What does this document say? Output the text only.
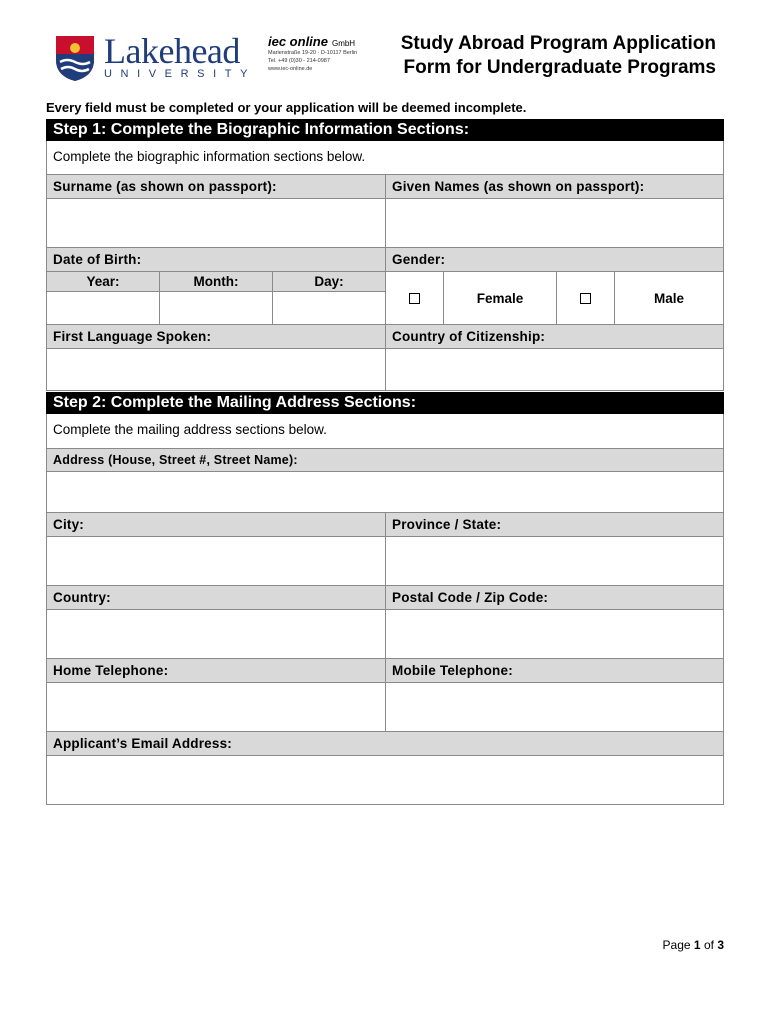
Lakehead
UNIVERSITY
iec online GmbH
Marienstraße 19-20 · D-10117 Berlin
Tel. +49 (0)30 - 214-0987
www.iec-online.de
Study Abroad Program Application
Form for Undergraduate Programs
Every field must be completed or your application will be deemed incomplete.
Step 1: Complete the Biographic Information Sections:
Complete the biographic information sections below.
Surname (as shown on passport):	Given Names (as shown on passport):
Date of Birth:	Gender:
Year:	Month:	Day:
Female	Male
First Language Spoken:	Country of Citizenship:
Step 2: Complete the Mailing Address Sections:
Complete the mailing address sections below.
Address (House, Street #, Street Name):
City:	Province / State:
Country:	Postal Code / Zip Code:
Home Telephone:	Mobile Telephone:
Applicant’s Email Address:
Page 1 of 3
